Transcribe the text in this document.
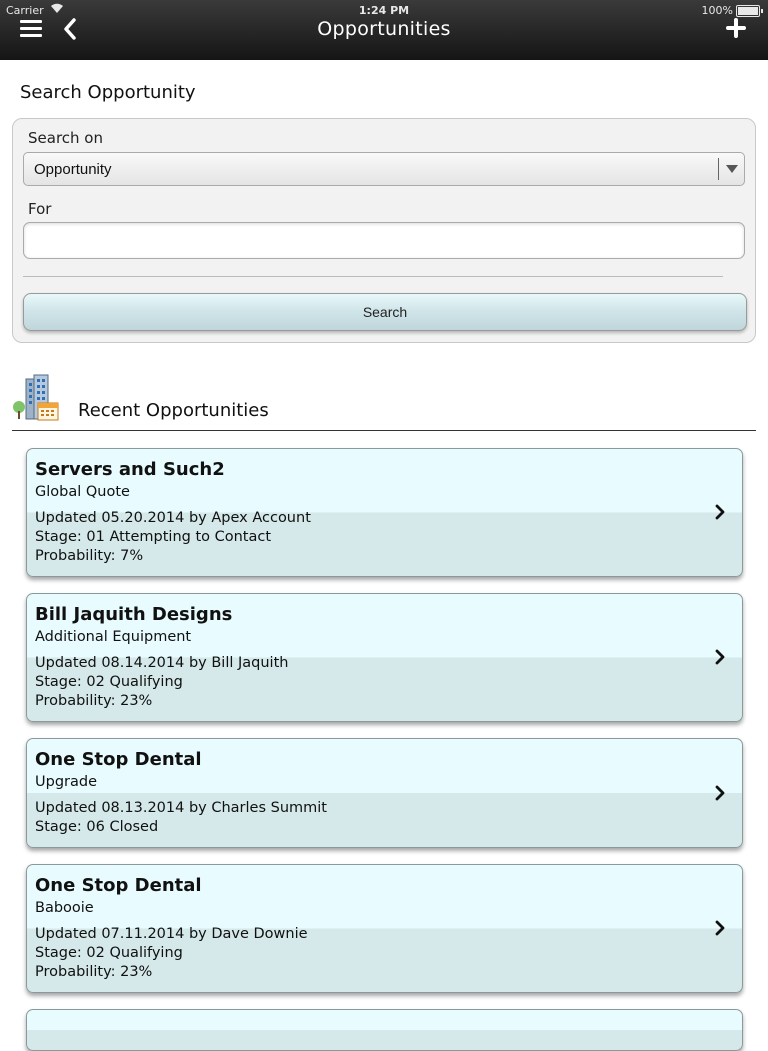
Carrier	1:24 PM	100%
Opportunities
Search Opportunity
Search on
Opportunity
For
Search
Recent Opportunities
Servers and Such2
Global Quote
Updated 05.20.2014 by Apex Account
Stage: 01 Attempting to Contact
Probability: 7%
Bill Jaquith Designs
Additional Equipment
Updated 08.14.2014 by Bill Jaquith
Stage: 02 Qualifying
Probability: 23%
One Stop Dental
Upgrade
Updated 08.13.2014 by Charles Summit
Stage: 06 Closed
One Stop Dental
Babooie
Updated 07.11.2014 by Dave Downie
Stage: 02 Qualifying
Probability: 23%
